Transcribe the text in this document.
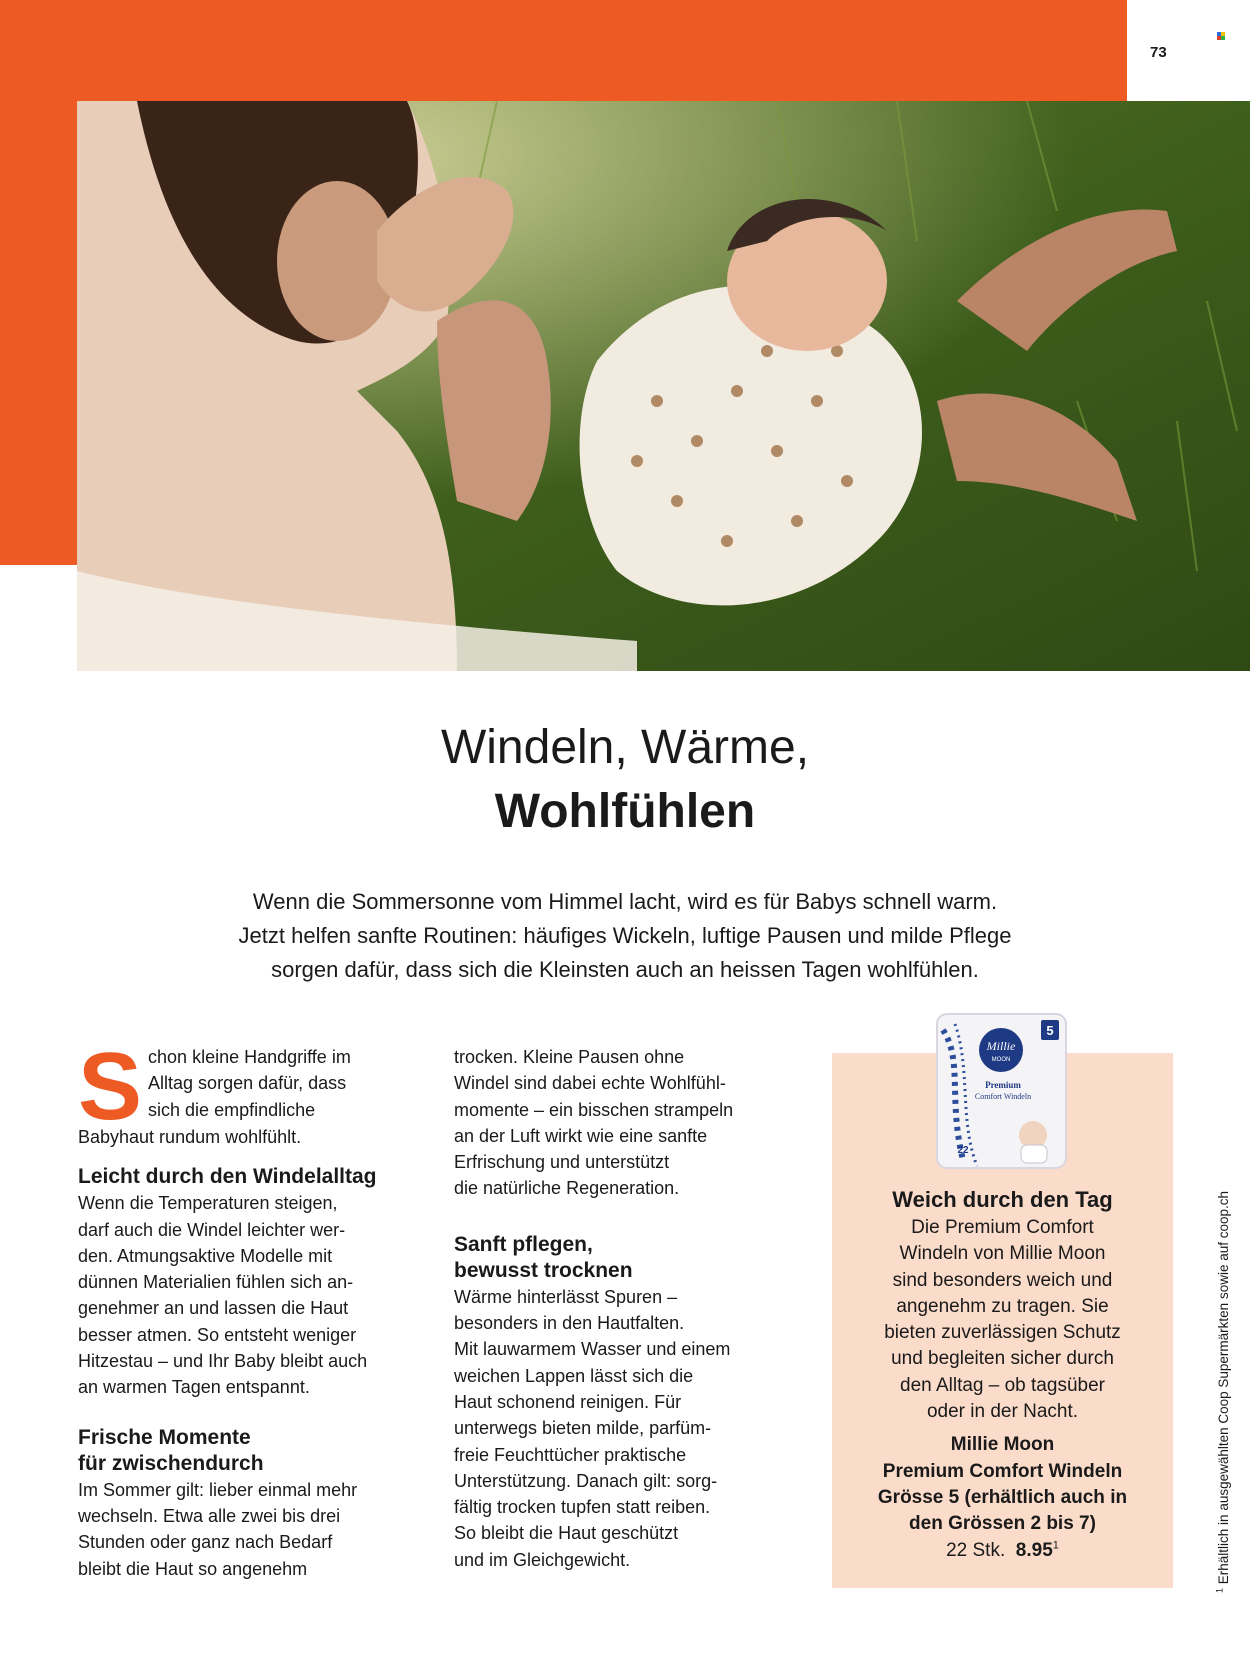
73
Windeln, Wärme,
Wohlfühlen
Wenn die Sommersonne vom Himmel lacht, wird es für Babys schnell warm.
Jetzt helfen sanfte Routinen: häufiges Wickeln, luftige Pausen und milde Pflege
sorgen dafür, dass sich die Kleinsten auch an heissen Tagen wohlfühlen.
S chon kleine Handgriffe im

Alltag sorgen dafür, dass

sich die empfindliche

Babyhaut rundum wohlfühlt.

Leicht durch den Windelalltag

Wenn die Temperaturen steigen,

darf auch die Windel leichter wer-

den. Atmungsaktive Modelle mit

dünnen Materialien fühlen sich an-

genehmer an und lassen die Haut

besser atmen. So entsteht weniger

Hitzestau – und Ihr Baby bleibt auch

an warmen Tagen entspannt.

Frische Momente

für zwischendurch

Im Sommer gilt: lieber einmal mehr

wechseln. Etwa alle zwei bis drei

Stunden oder ganz nach Bedarf

bleibt die Haut so angenehm

trocken. Kleine Pausen ohne

Windel sind dabei echte Wohlfühl-

momente – ein bisschen strampeln

an der Luft wirkt wie eine sanfte

Erfrischung und unterstützt

die natürliche Regeneration.

Sanft pflegen,

bewusst trocknen

Wärme hinterlässt Spuren –

besonders in den Hautfalten.

Mit lauwarmem Wasser und einem

weichen Lappen lässt sich die

Haut schonend reinigen. Für

unterwegs bieten milde, parfüm-

freie Feuchttücher praktische

Unterstützung. Danach gilt: sorg-

fältig trocken tupfen statt reiben.

So bleibt die Haut geschützt

und im Gleichgewicht.

Millie
MOON
5
Premium
Comfort Windeln
22
Weich durch den Tag
Die Premium Comfort
Windeln von Millie Moon
sind besonders weich und
angenehm zu tragen. Sie
bieten zuverlässigen Schutz
und begleiten sicher durch
den Alltag – ob tagsüber
oder in der Nacht.
Millie Moon
Premium Comfort Windeln
Grösse 5 (erhältlich auch in
den Grössen 2 bis 7)
22 Stk. 8.95$^1$
$^1$ Erhältlich in ausgewählten Coop Supermärkten sowie auf coop.ch
